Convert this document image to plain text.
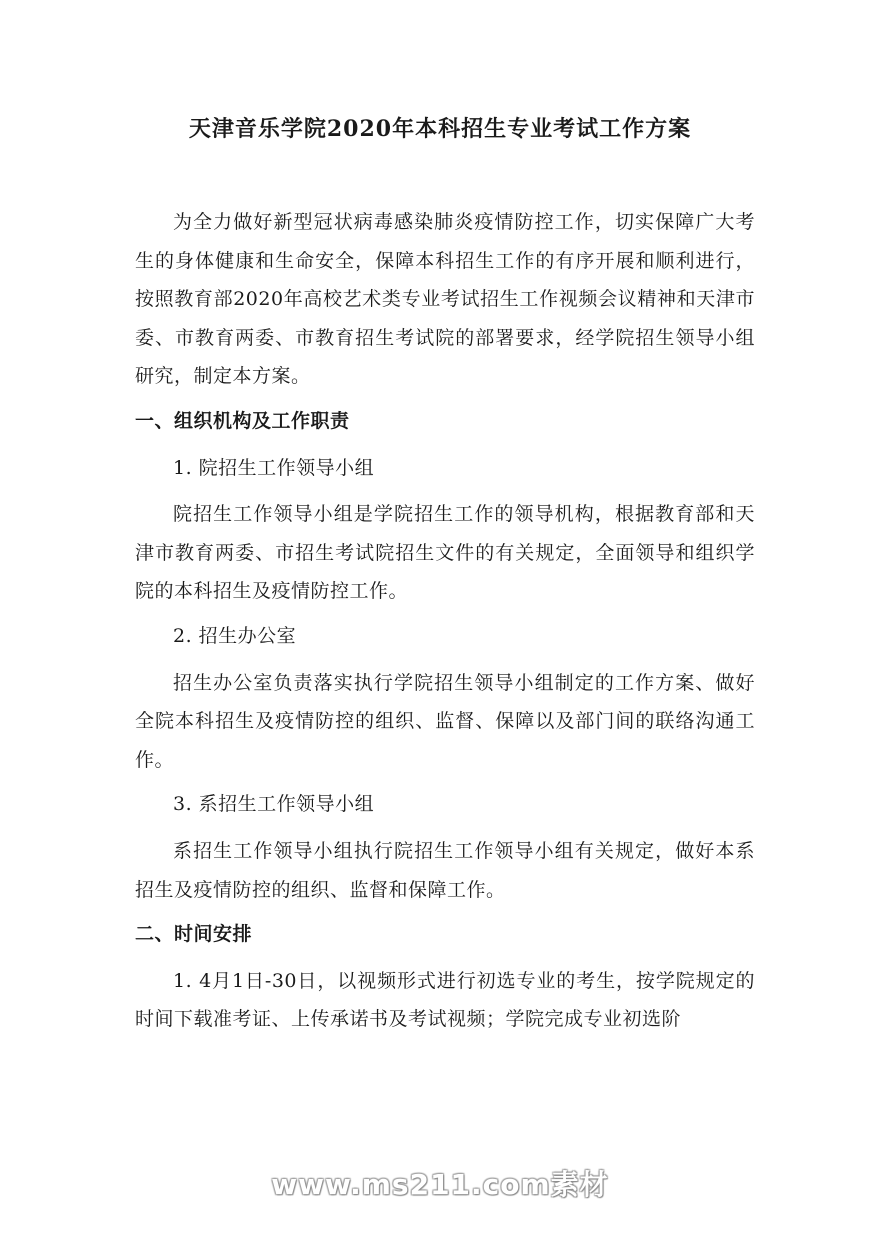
天津音乐学院2020年本科招生专业考试工作方案

为全力做好新型冠状病毒感染肺炎疫情防控工作，切实保障广大考生的身体健康和生命安全，保障本科招生工作的有序开展和顺利进行，按照教育部2020年高校艺术类专业考试招生工作视频会议精神和天津市委、市教育两委、市教育招生考试院的部署要求，经学院招生领导小组研究，制定本方案。

一、组织机构及工作职责

1. 院招生工作领导小组

院招生工作领导小组是学院招生工作的领导机构，根据教育部和天津市教育两委、市招生考试院招生文件的有关规定，全面领导和组织学院的本科招生及疫情防控工作。

2. 招生办公室

招生办公室负责落实执行学院招生领导小组制定的工作方案、做好全院本科招生及疫情防控的组织、监督、保障以及部门间的联络沟通工作。

3. 系招生工作领导小组

系招生工作领导小组执行院招生工作领导小组有关规定，做好本系招生及疫情防控的组织、监督和保障工作。

二、时间安排

1. 4月1日-30日，以视频形式进行初选专业的考生，按学院规定的时间下载准考证、上传承诺书及考试视频；学院完成专业初选阶

www.ms211.com素材
